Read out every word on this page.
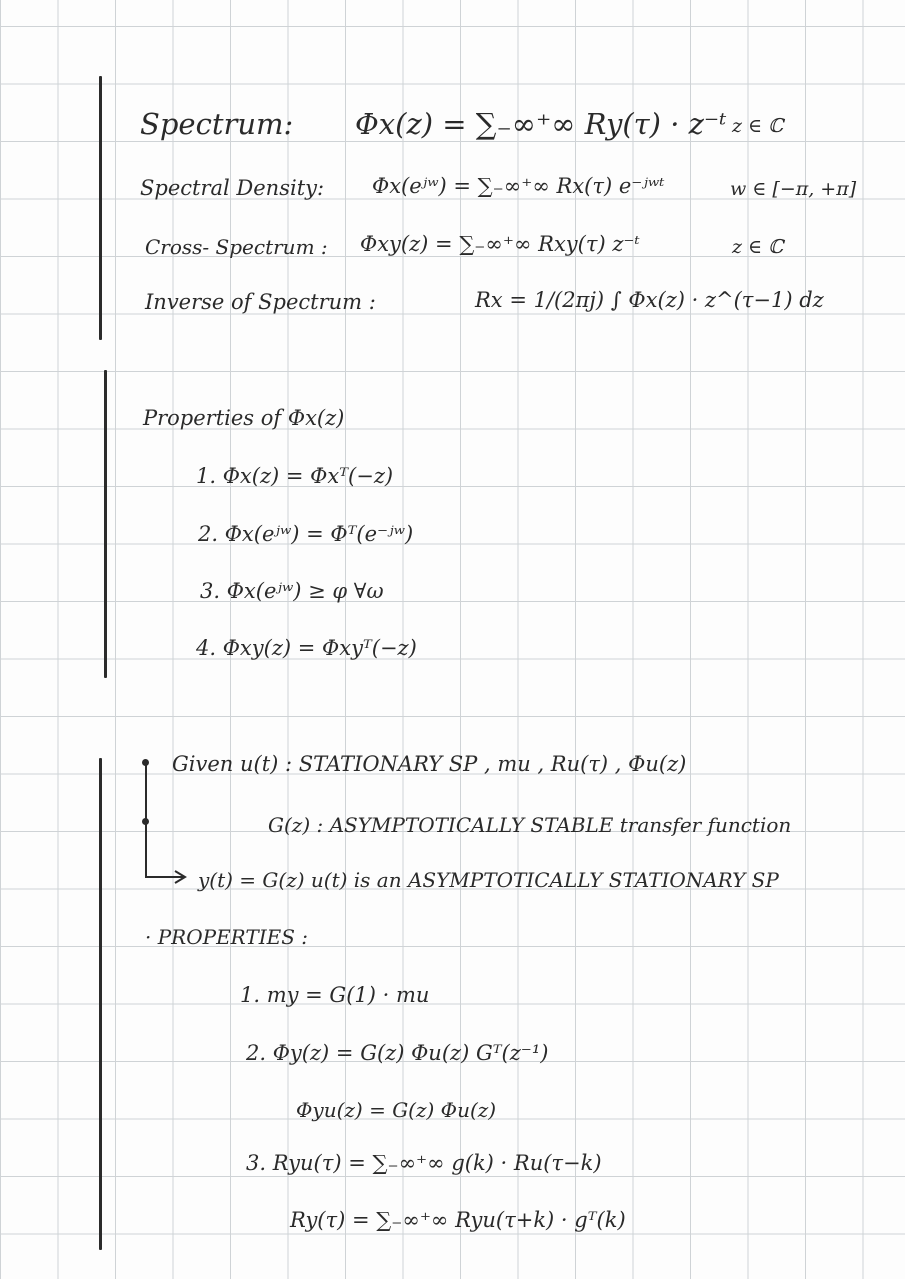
Spectrum: Φx(z) = ∑₋∞⁺∞ Ry(τ) · z⁻ᵗ z ∈ ℂ
Spectral Density: Φx(eʲʷ) = ∑₋∞⁺∞ Rx(τ) e⁻ʲʷᵗ	w ∈ [−π, +π]
Cross- Spectrum : Φxy(z) = ∑₋∞⁺∞ Rxy(τ) z⁻ᵗ	z ∈ ℂ
Inverse of Spectrum :	Rx = 1/(2πj) ∫ Φx(z) · z^(τ−1) dz
Properties of Φx(z)
1. Φx(z) = Φxᵀ(−z)
2. Φx(eʲʷ) = Φᵀ(e⁻ʲʷ)
3. Φx(eʲʷ) ≥ φ ∀ω
4. Φxy(z) = Φxyᵀ(−z)
Given u(t) : STATIONARY SP , mu , Ru(τ) , Φu(z)
G(z) : ASYMPTOTICALLY STABLE transfer function
y(t) = G(z) u(t) is an ASYMPTOTICALLY STATIONARY SP
· PROPERTIES :
1. my = G(1) · mu
2. Φy(z) = G(z) Φu(z) Gᵀ(z⁻¹)
Φyu(z) = G(z) Φu(z)
3. Ryu(τ) = ∑₋∞⁺∞ g(k) · Ru(τ−k)
Ry(τ) = ∑₋∞⁺∞ Ryu(τ+k) · gᵀ(k)
